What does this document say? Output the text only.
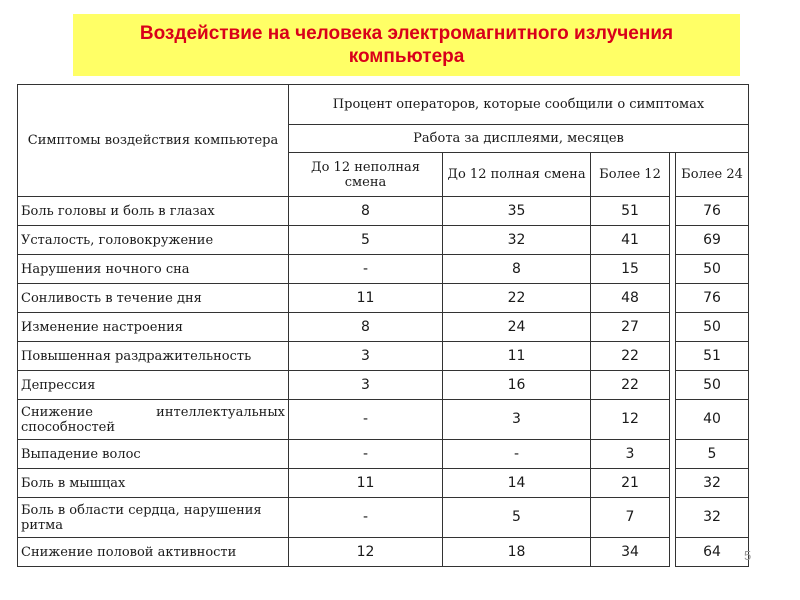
Воздействие на человека электромагнитного излучения компьютера
Симптомы воздействия компьютера	Процент операторов, которые сообщили о симптомах				
	Работа за дисплеями, месяцев				
	До 12 неполная смена	До 12 полная смена	Более 12		Более 24
Боль головы и боль в глазах	8	35	51		76
Усталость, головокружение	5	32	41		69
Нарушения ночного сна	-	8	15		50
Сонливость в течение дня	11	22	48		76
Изменение настроения	8	24	27		50
Повышенная раздражительность	3	11	22		51
Депрессия	3	16	22		50
Снижение интеллектуальных способностей	-	3	12		40
Выпадение волос	-	-	3		5
Боль в мышцах	11	14	21		32
Боль в области сердца, нарушения ритма	-	5	7		32
Снижение половой активности	12	18	34		64 5
